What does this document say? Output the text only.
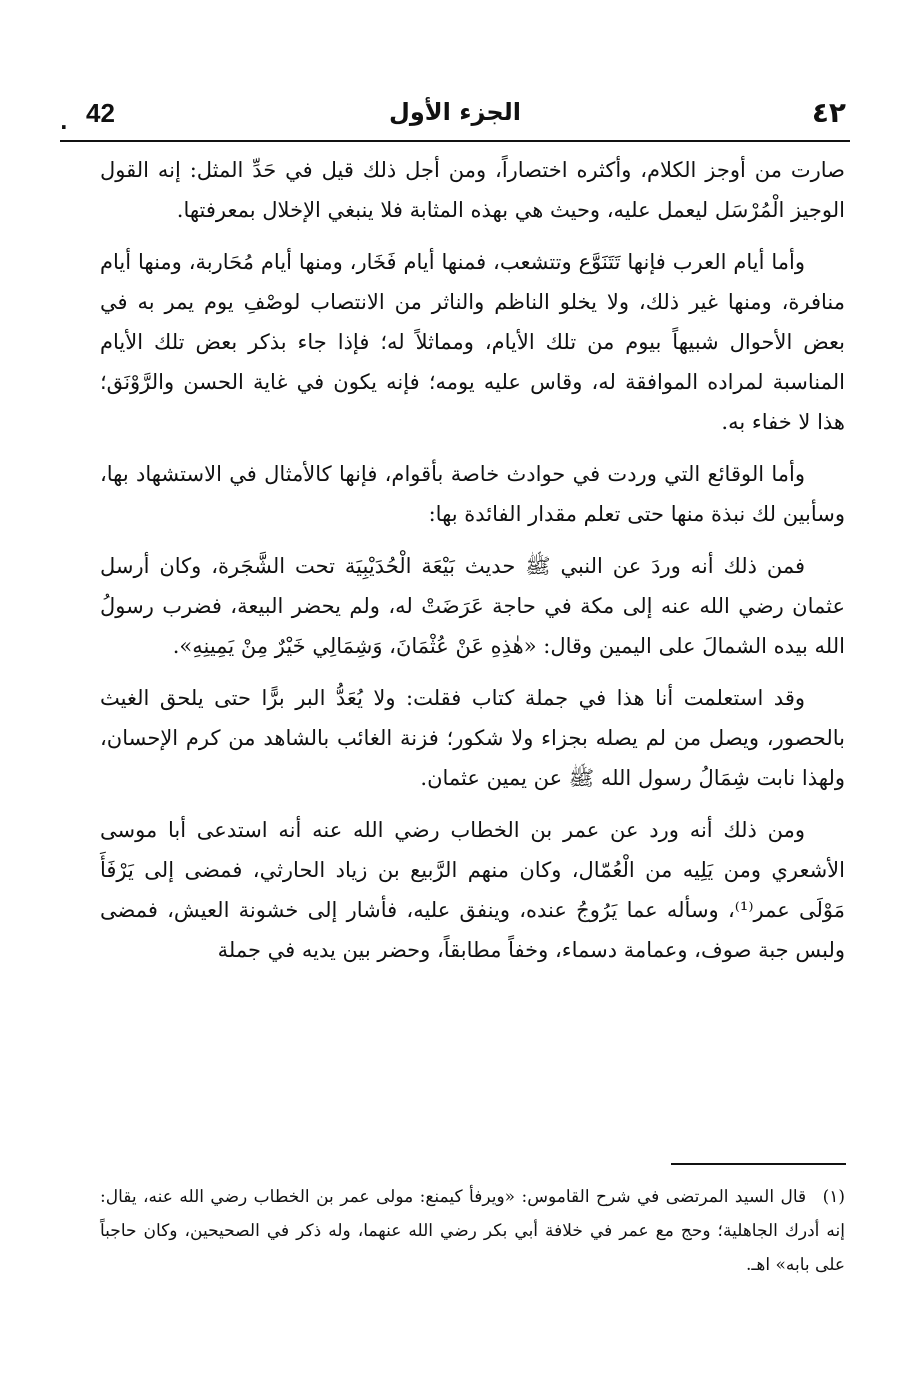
٤٢
الجزء الأول
42
.

صارت من أوجز الكلام، وأكثره اختصاراً، ومن أجل ذلك قيل في حَدِّ المثل: إنه القول الوجيز الْمُرْسَل ليعمل عليه، وحيث هي بهذه المثابة فلا ينبغي الإخلال بمعرفتها.

وأما أيام العرب فإنها تَتَنَوَّع وتتشعب، فمنها أيام فَخَار، ومنها أيام مُحَاربة، ومنها أيام منافرة، ومنها غير ذلك، ولا يخلو الناظم والناثر من الانتصاب لوصْفِ يوم يمر به في بعض الأحوال شبيهاً بيوم من تلك الأيام، ومماثلاً له؛ فإذا جاء بذكر بعض تلك الأيام المناسبة لمراده الموافقة له، وقاس عليه يومه؛ فإنه يكون في غاية الحسن والرَّوْنَق؛ هذا لا خفاء به.

وأما الوقائع التي وردت في حوادث خاصة بأقوام، فإنها كالأمثال في الاستشهاد بها، وسأبين لك نبذة منها حتى تعلم مقدار الفائدة بها:

فمن ذلك أنه وردَ عن النبي ﷺ حديث بَيْعَة الْحُدَيْبِيَة تحت الشَّجَرة، وكان أرسل عثمان رضي الله عنه إلى مكة في حاجة عَرَضَتْ له، ولم يحضر البيعة، فضرب رسولُ الله بيده الشمالَ على اليمين وقال: «هٰذِهِ عَنْ عُثْمَانَ، وَشِمَالِي خَيْرٌ مِنْ يَمِينِهِ».

وقد استعلمت أنا هذا في جملة كتاب فقلت: ولا يُعَدُّ البر برًّا حتى يلحق الغيث بالحصور، ويصل من لم يصله بجزاء ولا شكور؛ فزنة الغائب بالشاهد من كرم الإحسان، ولهذا نابت شِمَالُ رسول الله ﷺ عن يمين عثمان.

ومن ذلك أنه ورد عن عمر بن الخطاب رضي الله عنه أنه استدعى أبا موسى الأشعري ومن يَلِيه من الْعُمّال، وكان منهم الرَّبيع بن زياد الحارثي، فمضى إلى يَرْفَأَ مَوْلَى عمر⁽¹⁾، وسأله عما يَرُوجُ عنده، وينفق عليه، فأشار إلى خشونة العيش، فمضى ولبس جبة صوف، وعمامة دسماء، وخفاً مطابقاً، وحضر بين يديه في جملة

(١) قال السيد المرتضى في شرح القاموس: «ويرفأ كيمنع: مولى عمر بن الخطاب رضي الله عنه، يقال: إنه أدرك الجاهلية؛ وحج مع عمر في خلافة أبي بكر رضي الله عنهما، وله ذكر في الصحيحين، وكان حاجباً على بابه» اهـ.
